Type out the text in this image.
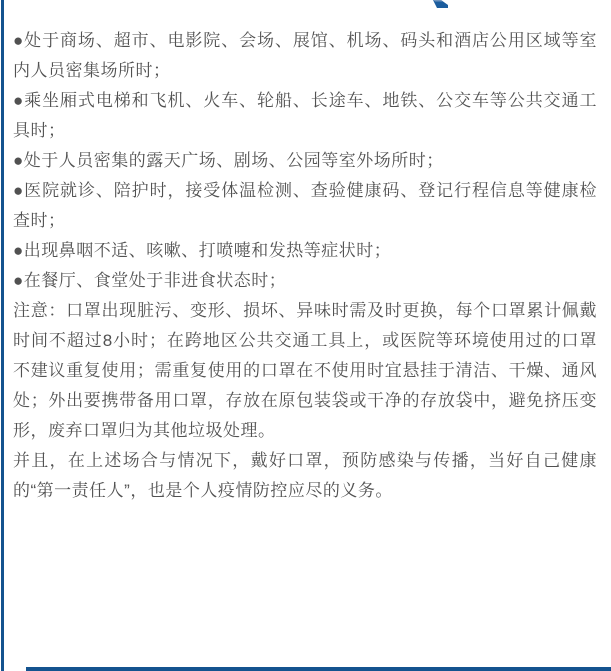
●处于商场、超市、电影院、会场、展馆、机场、码头和酒店公用区域等室内人员密集场所时；

●乘坐厢式电梯和飞机、火车、轮船、长途车、地铁、公交车等公共交通工具时；

●处于人员密集的露天广场、剧场、公园等室外场所时；

●医院就诊、陪护时，接受体温检测、查验健康码、登记行程信息等健康检查时；

●出现鼻咽不适、咳嗽、打喷嚏和发热等症状时；

●在餐厅、食堂处于非进食状态时；

注意：口罩出现脏污、变形、损坏、异味时需及时更换，每个口罩累计佩戴时间不超过8小时；在跨地区公共交通工具上，或医院等环境使用过的口罩不建议重复使用；需重复使用的口罩在不使用时宜悬挂于清洁、干燥、通风处；外出要携带备用口罩，存放在原包装袋或干净的存放袋中，避免挤压变形，废弃口罩归为其他垃圾处理。

并且，在上述场合与情况下，戴好口罩，预防感染与传播，当好自己健康的“第一责任人”，也是个人疫情防控应尽的义务。
